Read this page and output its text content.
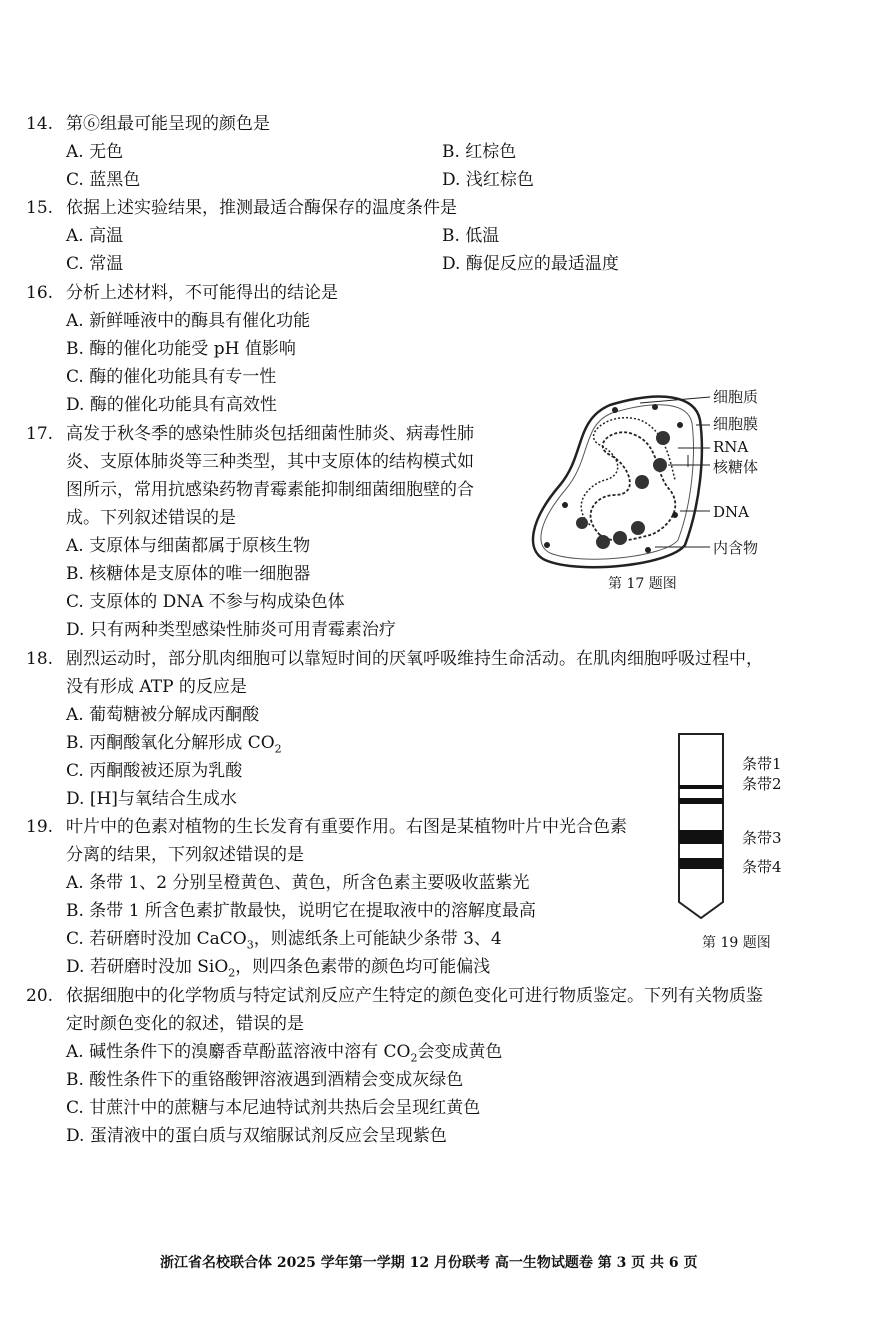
14. 第⑥组最可能呈现的颜色是
A. 无色	B. 红棕色
C. 蓝黑色	D. 浅红棕色
15. 依据上述实验结果，推测最适合酶保存的温度条件是
A. 高温	B. 低温
C. 常温	D. 酶促反应的最适温度
16. 分析上述材料，不可能得出的结论是
A. 新鲜唾液中的酶具有催化功能
B. 酶的催化功能受 pH 值影响
C. 酶的催化功能具有专一性
D. 酶的催化功能具有高效性
17. 高发于秋冬季的感染性肺炎包括细菌性肺炎、病毒性肺
炎、支原体肺炎等三种类型，其中支原体的结构模式如
图所示，常用抗感染药物青霉素能抑制细菌细胞壁的合
成。下列叙述错误的是
A. 支原体与细菌都属于原核生物
B. 核糖体是支原体的唯一细胞器
C. 支原体的 DNA 不参与构成染色体
D. 只有两种类型感染性肺炎可用青霉素治疗
细胞质
细胞膜
RNA
核糖体
DNA
内含物
第 17 题图
18. 剧烈运动时，部分肌肉细胞可以靠短时间的厌氧呼吸维持生命活动。在肌肉细胞呼吸过程中，
没有形成 ATP 的反应是
A. 葡萄糖被分解成丙酮酸
B. 丙酮酸氧化分解形成 $CO_2$
C. 丙酮酸被还原为乳酸
D. [H]与氧结合生成水
条带1
条带2
条带3
条带4
第 19 题图
19. 叶片中的色素对植物的生长发育有重要作用。右图是某植物叶片中光合色素
分离的结果，下列叙述错误的是
A. 条带 1、2 分别呈橙黄色、黄色，所含色素主要吸收蓝紫光
B. 条带 1 所含色素扩散最快，说明它在提取液中的溶解度最高
C. 若研磨时没加 CaCO$_3$，则滤纸条上可能缺少条带 3、4
D. 若研磨时没加 SiO$_2$，则四条色素带的颜色均可能偏浅
20. 依据细胞中的化学物质与特定试剂反应产生特定的颜色变化可进行物质鉴定。下列有关物质鉴
定时颜色变化的叙述，错误的是
A. 碱性条件下的溴麝香草酚蓝溶液中溶有 $CO_2$会变成黄色
B. 酸性条件下的重铬酸钾溶液遇到酒精会变成灰绿色
C. 甘蔗汁中的蔗糖与本尼迪特试剂共热后会呈现红黄色
D. 蛋清液中的蛋白质与双缩脲试剂反应会呈现紫色
浙江省名校联合体 2025 学年第一学期 12 月份联考 高一生物试题卷 第 3 页 共 6 页
